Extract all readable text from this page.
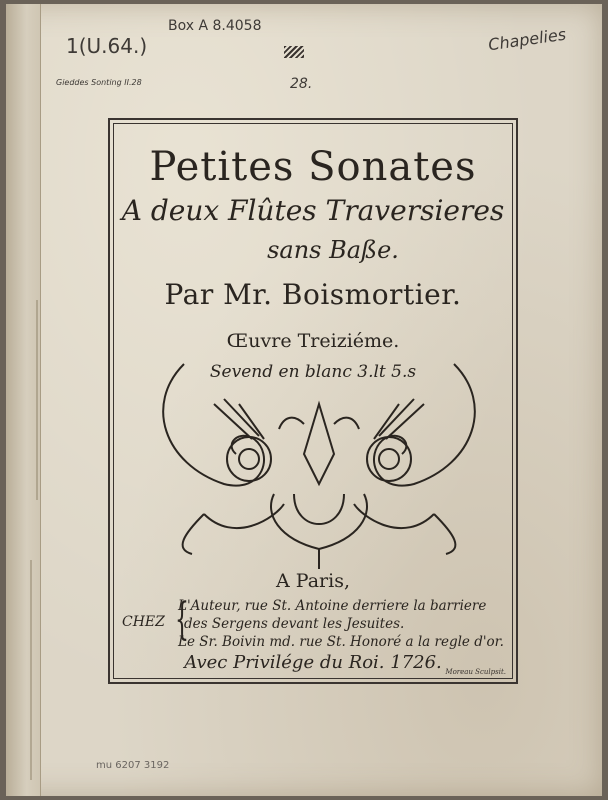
1(U.64.)
Box A 8.4058
Gieddes Sonting II.28	28.
Chapelies
mu 6207 3192
Petites Sonates
A deux Flûtes Traversieres
sans Baße.
Par Mr. Boismortier.
Œuvre Treiziéme.
Sevend en blanc 3.lt 5.s
A Paris,
CHEZ {
L'Auteur, rue St. Antoine derriere la barriere
des Sergens devant les Jesuites.
Le Sr. Boivin md. rue St. Honoré a la regle d'or.
Avec Privilége du Roi. 1726. Moreau Sculpsit.
